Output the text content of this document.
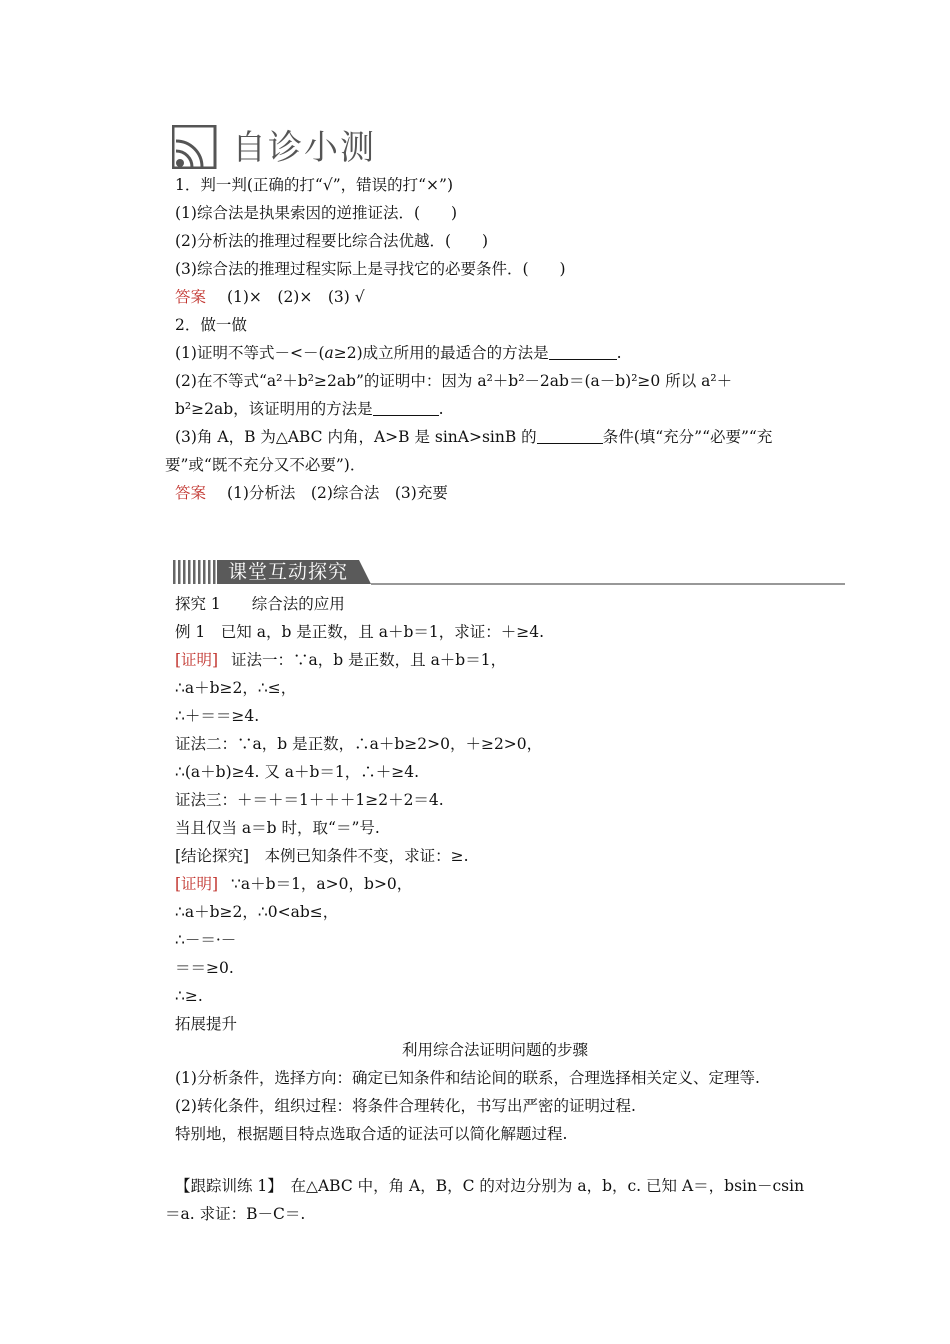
自诊小测
1．判一判(正确的打“√”，错误的打“×”)
(1)综合法是执果索因的逆推证法．(　　)
(2)分析法的推理过程要比综合法优越．(　　)
(3)综合法的推理过程实际上是寻找它的必要条件．(　　)
答案 (1)×　(2)×　(3) √
2．做一做
(1)证明不等式－<－(a≥2)成立所用的最适合的方法是	.
(2)在不等式“a²＋b²≥2ab”的证明中：因为 a²＋b²－2ab＝(a－b)²≥0 所以 a²＋
b²≥2ab，该证明用的方法是	.
(3)角 A，B 为△ABC 内角，A>B 是 sinA>sinB 的	条件(填“充分”“必要”“充
要”或“既不充分又不必要”)．
答案 (1)分析法　(2)综合法　(3)充要
课堂互动探究
探究 1　　综合法的应用
例 1　已知 a，b 是正数，且 a＋b＝1，求证：＋≥4.
[证明] 证法一：∵a，b 是正数，且 a＋b＝1，
∴a＋b≥2，∴≤，
∴＋＝＝≥4.
证法二：∵a，b 是正数，∴a＋b≥2>0，＋≥2>0，
∴(a＋b)≥4. 又 a＋b＝1，∴＋≥4.
证法三：＋＝＋＝1＋＋＋1≥2＋2＝4.
当且仅当 a＝b 时，取“＝”号.
[结论探究]　本例已知条件不变，求证：≥.
[证明] ∵a＋b＝1，a>0，b>0，
∴a＋b≥2，∴0<ab≤，
∴－＝·－
＝＝≥0.
∴≥.
拓展提升
利用综合法证明问题的步骤
(1)分析条件，选择方向：确定已知条件和结论间的联系，合理选择相关定义、定理等.
(2)转化条件，组织过程：将条件合理转化，书写出严密的证明过程.
特别地，根据题目特点选取合适的证法可以简化解题过程.
【跟踪训练 1】　在△ABC 中，角 A，B，C 的对边分别为 a，b，c. 已知 A＝，bsin－csin
＝a. 求证：B－C＝.
